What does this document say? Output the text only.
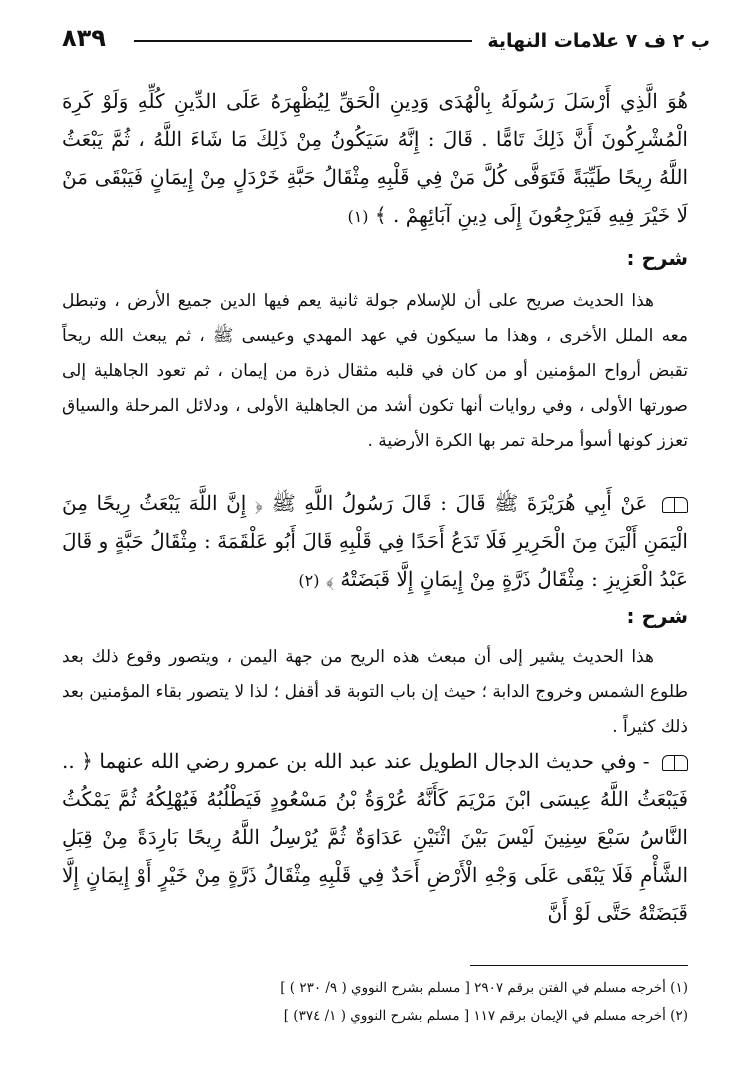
ب ٢ ف ٧ علامات النهاية
٨٣٩
هُوَ الَّذِي أَرْسَلَ رَسُولَهُ بِالْهُدَى وَدِينِ الْحَقِّ لِيُظْهِرَهُ عَلَى الدِّينِ كُلِّهِ وَلَوْ كَرِهَ الْمُشْرِكُونَ أَنَّ ذَلِكَ تَامًّا . قَالَ : إِنَّهُ سَيَكُونُ مِنْ ذَلِكَ مَا شَاءَ اللَّهُ ، ثُمَّ يَبْعَثُ اللَّهُ رِيحًا طَيِّبَةً فَتَوَفَّى كُلَّ مَنْ فِي قَلْبِهِ مِثْقَالُ حَبَّةِ خَرْدَلٍ مِنْ إِيمَانٍ فَيَبْقَى مَنْ لَا خَيْرَ فِيهِ فَيَرْجِعُونَ إِلَى دِينِ آبَائِهِمْ . ﴾ (١)
شرح :
هذا الحديث صريح على أن للإسلام جولة ثانية يعم فيها الدين جميع الأرض ، وتبطل معه الملل الأخرى ، وهذا ما سيكون في عهد المهدي وعيسى ﷺ ، ثم يبعث الله ريحاً تقبض أرواح المؤمنين أو من كان في قلبه مثقال ذرة من إيمان ، ثم تعود الجاهلية إلى صورتها الأولى ، وفي روايات أنها تكون أشد من الجاهلية الأولى ، ودلائل المرحلة والسياق تعزز كونها أسوأ مرحلة تمر بها الكرة الأرضية .
عَنْ أَبِي هُرَيْرَةَ ﷺ قَالَ : قَالَ رَسُولُ اللَّهِ ﷺ ﴿ إِنَّ اللَّهَ يَبْعَثُ رِيحًا مِنَ الْيَمَنِ أَلْيَنَ مِنَ الْحَرِيرِ فَلَا تَدَعُ أَحَدًا فِي قَلْبِهِ قَالَ أَبُو عَلْقَمَةَ : مِثْقَالُ حَبَّةٍ و قَالَ عَبْدُ الْعَزِيزِ : مِثْقَالُ ذَرَّةٍ مِنْ إِيمَانٍ إِلَّا قَبَضَتْهُ ﴾ (٢)
شرح :
هذا الحديث يشير إلى أن مبعث هذه الريح من جهة اليمن ، ويتصور وقوع ذلك بعد طلوع الشمس وخروج الدابة ؛ حيث إن باب التوبة قد أقفل ؛ لذا لا يتصور بقاء المؤمنين بعد ذلك كثيراً .
- وفي حديث الدجال الطويل عند عبد الله بن عمرو رضي الله عنهما ﴿ .. فَيَبْعَثُ اللَّهُ عِيسَى ابْنَ مَرْيَمَ كَأَنَّهُ عُرْوَةُ بْنُ مَسْعُودٍ فَيَطْلُبُهُ فَيُهْلِكُهُ ثُمَّ يَمْكُثُ النَّاسُ سَبْعَ سِنِينَ لَيْسَ بَيْنَ اثْنَيْنِ عَدَاوَةٌ ثُمَّ يُرْسِلُ اللَّهُ رِيحًا بَارِدَةً مِنْ قِبَلِ الشَّأْمِ فَلَا يَبْقَى عَلَى وَجْهِ الْأَرْضِ أَحَدٌ فِي قَلْبِهِ مِثْقَالُ ذَرَّةٍ مِنْ خَيْرٍ أَوْ إِيمَانٍ إِلَّا قَبَضَتْهُ حَتَّى لَوْ أَنَّ
(١) أخرجه مسلم في الفتن برقم ٢٩٠٧ [ مسلم بشرح النووي ( ٩/ ٢٣٠ ) ]
(٢) أخرجه مسلم في الإيمان برقم ١١٧ [ مسلم بشرح النووي ( ١/ ٣٧٤) ]
